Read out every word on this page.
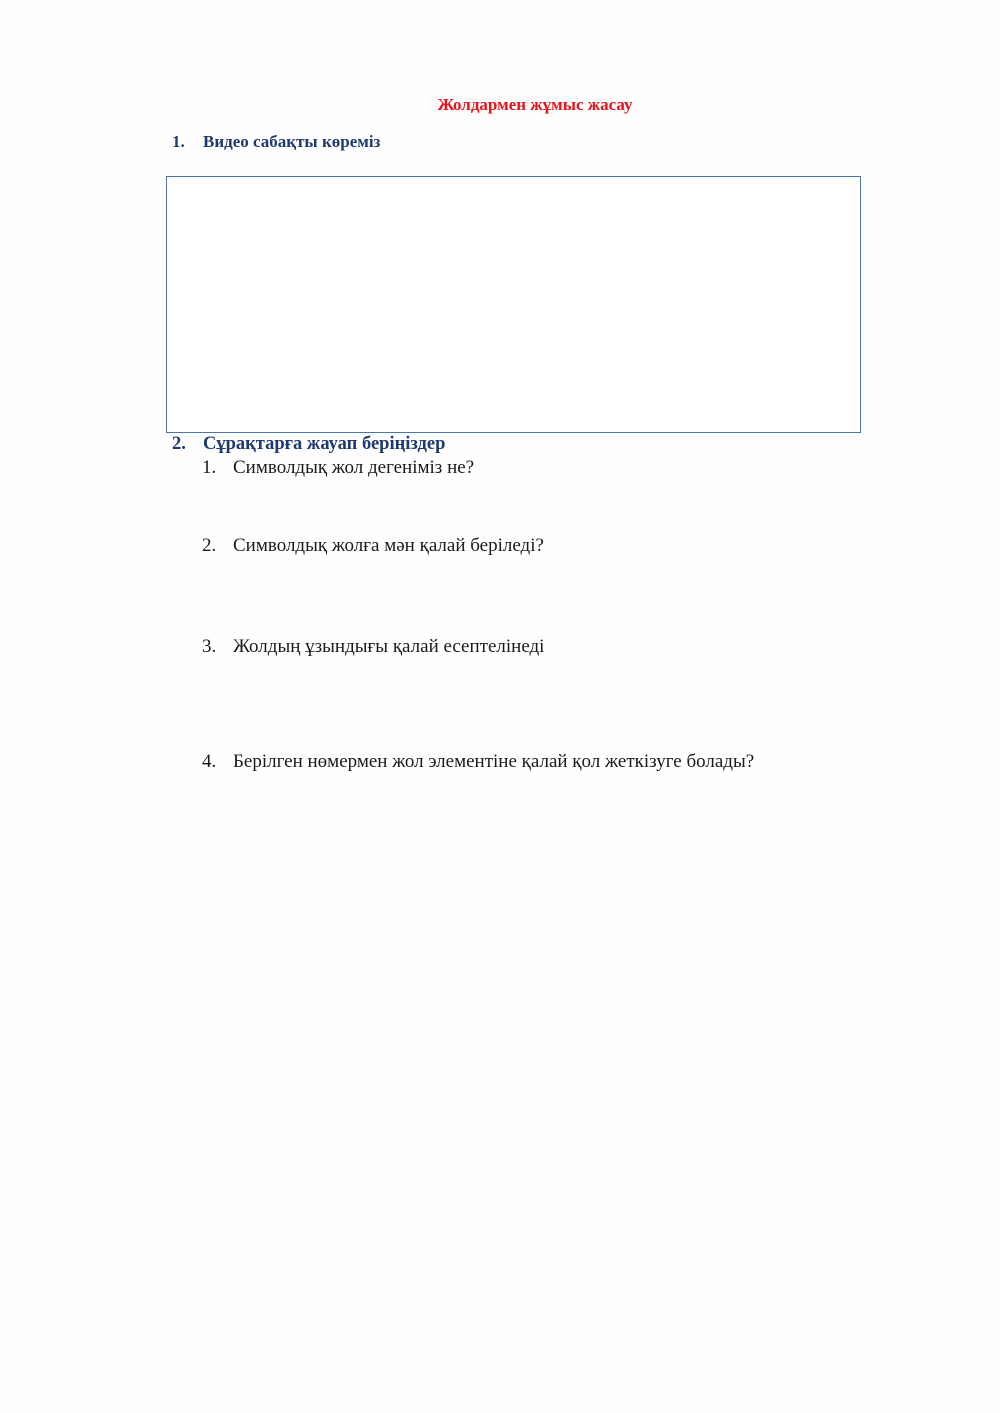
Жолдармен жұмыс жасау
1. Видео сабақты көреміз
2. Сұрақтарға жауап беріңіздер
1. Символдық жол дегеніміз не?
2. Символдық жолға мән қалай беріледі?
3. Жолдың ұзындығы қалай есептелінеді
4. Берілген нөмермен жол элементіне қалай қол жеткізуге болады?
